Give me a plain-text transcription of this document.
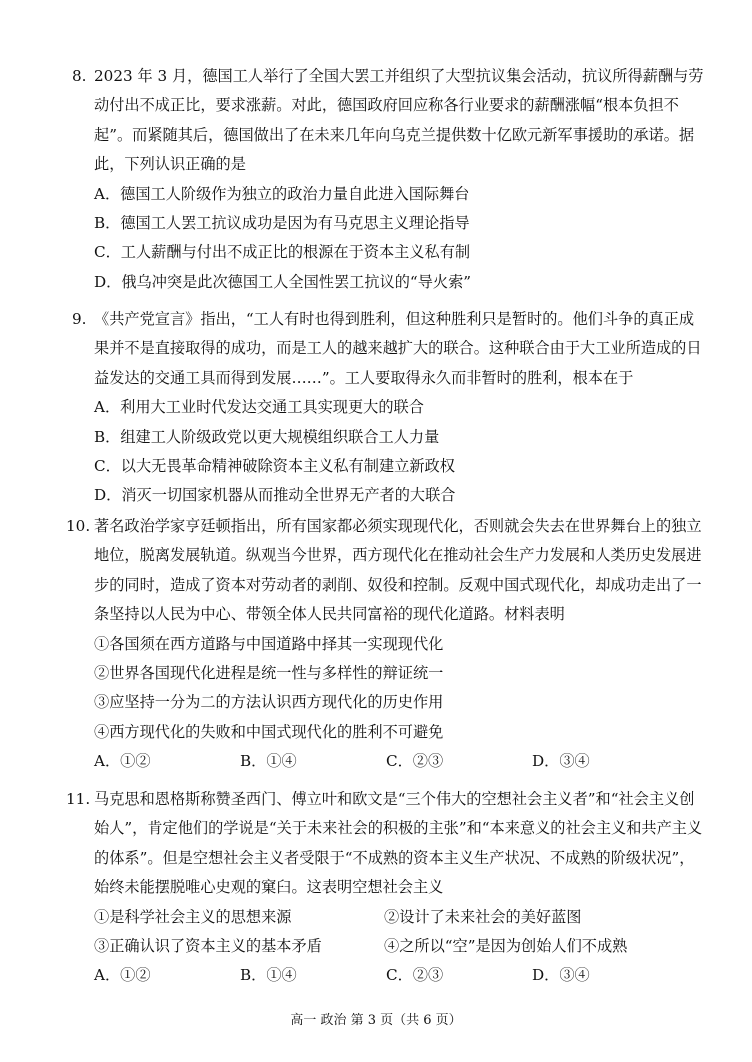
8. 2023 年 3 月，德国工人举行了全国大罢工并组织了大型抗议集会活动，抗议所得薪酬与劳动付出不成正比，要求涨薪。对此，德国政府回应称各行业要求的薪酬涨幅“根本负担不起”。而紧随其后，德国做出了在未来几年向乌克兰提供数十亿欧元新军事援助的承诺。据此，下列认识正确的是
A．德国工人阶级作为独立的政治力量自此进入国际舞台
B．德国工人罢工抗议成功是因为有马克思主义理论指导
C．工人薪酬与付出不成正比的根源在于资本主义私有制
D．俄乌冲突是此次德国工人全国性罢工抗议的“导火索”
9. 《共产党宣言》指出，“工人有时也得到胜利，但这种胜利只是暂时的。他们斗争的真正成果并不是直接取得的成功，而是工人的越来越扩大的联合。这种联合由于大工业所造成的日益发达的交通工具而得到发展……”。工人要取得永久而非暂时的胜利，根本在于
A．利用大工业时代发达交通工具实现更大的联合
B．组建工人阶级政党以更大规模组织联合工人力量
C．以大无畏革命精神破除资本主义私有制建立新政权
D．消灭一切国家机器从而推动全世界无产者的大联合
10. 著名政治学家亨廷顿指出，所有国家都必须实现现代化，否则就会失去在世界舞台上的独立地位，脱离发展轨道。纵观当今世界，西方现代化在推动社会生产力发展和人类历史发展进步的同时，造成了资本对劳动者的剥削、奴役和控制。反观中国式现代化，却成功走出了一条坚持以人民为中心、带领全体人民共同富裕的现代化道路。材料表明
①各国须在西方道路与中国道路中择其一实现现代化
②世界各国现代化进程是统一性与多样性的辩证统一
③应坚持一分为二的方法认识西方现代化的历史作用
④西方现代化的失败和中国式现代化的胜利不可避免
A．①②	B．①④	C．②③	D．③④
11. 马克思和恩格斯称赞圣西门、傅立叶和欧文是“三个伟大的空想社会主义者”和“社会主义创始人”，肯定他们的学说是“关于未来社会的积极的主张”和“本来意义的社会主义和共产主义的体系”。但是空想社会主义者受限于“不成熟的资本主义生产状况、不成熟的阶级状况”，始终未能摆脱唯心史观的窠臼。这表明空想社会主义
①是科学社会主义的思想来源	②设计了未来社会的美好蓝图
③正确认识了资本主义的基本矛盾	④之所以“空”是因为创始人们不成熟
A．①②	B．①④	C．②③	D．③④
高一 政治 第 3 页（共 6 页）
